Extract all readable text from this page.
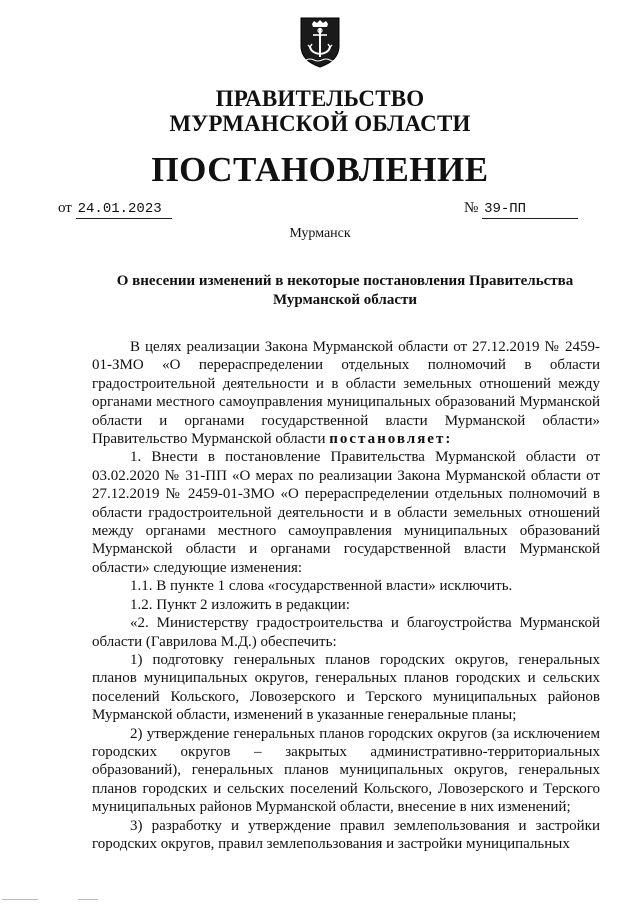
ПРАВИТЕЛЬСТВО
МУРМАНСКОЙ ОБЛАСТИ
ПОСТАНОВЛЕНИЕ
от 24.01.2023	№ 39-ПП
Мурманск
О внесении изменений в некоторые постановления Правительства Мурманской области

В целях реализации Закона Мурманской области от 27.12.2019 № 2459-01-ЗМО «О перераспределении отдельных полномочий в области градостроительной деятельности и в области земельных отношений между органами местного самоуправления муниципальных образований Мурманской области и органами государственной власти Мурманской области» Правительство Мурманской области постановляет:

1. Внести в постановление Правительства Мурманской области от 03.02.2020 № 31-ПП «О мерах по реализации Закона Мурманской области от 27.12.2019 № 2459-01-ЗМО «О перераспределении отдельных полномочий в области градостроительной деятельности и в области земельных отношений между органами местного самоуправления муниципальных образований Мурманской области и органами государственной власти Мурманской области» следующие изменения:

1.1. В пункте 1 слова «государственной власти» исключить.

1.2. Пункт 2 изложить в редакции:

«2. Министерству градостроительства и благоустройства Мурманской области (Гаврилова М.Д.) обеспечить:

1) подготовку генеральных планов городских округов, генеральных планов муниципальных округов, генеральных планов городских и сельских поселений Кольского, Ловозерского и Терского муниципальных районов Мурманской области, изменений в указанные генеральные планы;

2) утверждение генеральных планов городских округов (за исключением городских округов – закрытых административно-территориальных образований), генеральных планов муниципальных округов, генеральных планов городских и сельских поселений Кольского, Ловозерского и Терского муниципальных районов Мурманской области, внесение в них изменений;

3) разработку и утверждение правил землепользования и застройки городских округов, правил землепользования и застройки муниципальных
